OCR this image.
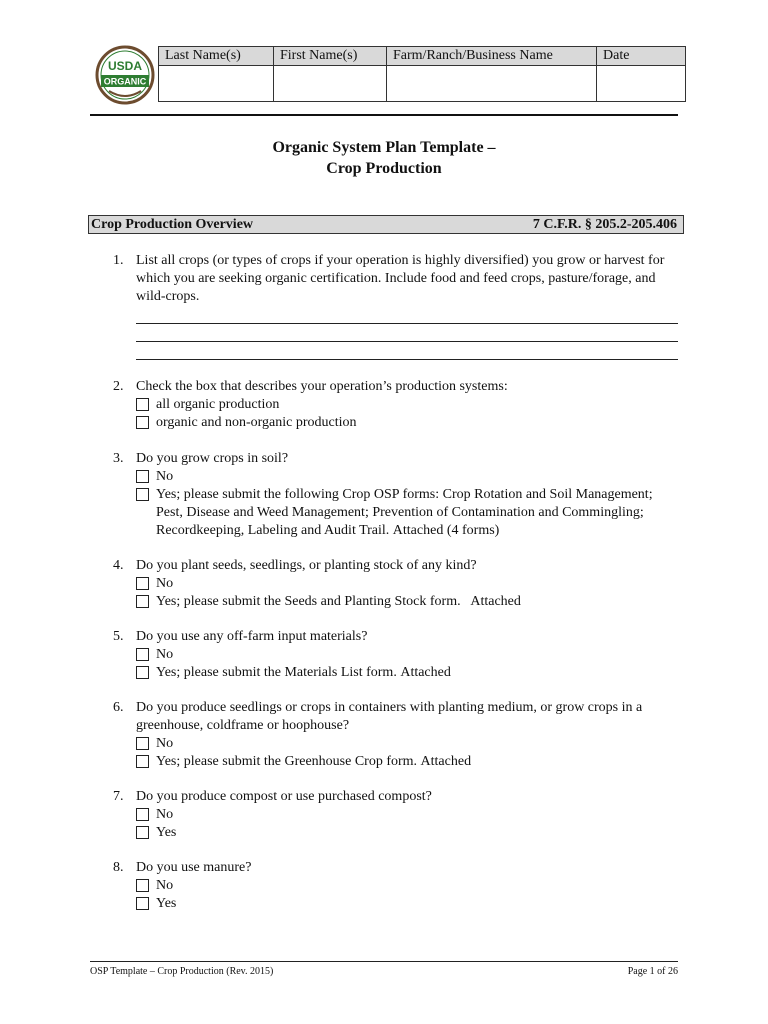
USDA
ORGANIC
Last Name(s)	First Name(s)	Farm/Ranch/Business Name	Date

Organic System Plan Template –
Crop Production
Crop Production Overview	7 C.F.R. § 205.2-205.406
1. List all crops (or types of crops if your operation is highly diversified) you grow or harvest for which you are seeking organic certification. Include food and feed crops, pasture/forage, and wild-crops.
2. Check the box that describes your operation’s production systems:
all organic production
organic and non-organic production
3. Do you grow crops in soil?
No
Yes; please submit the following Crop OSP forms: Crop Rotation and Soil Management; Pest, Disease and Weed Management; Prevention of Contamination and Commingling; Recordkeeping, Labeling and Audit Trail. Attached (4 forms)
4. Do you plant seeds, seedlings, or planting stock of any kind?
No
Yes; please submit the Seeds and Planting Stock form. Attached
5. Do you use any off-farm input materials?
No
Yes; please submit the Materials List form. Attached
6. Do you produce seedlings or crops in containers with planting medium, or grow crops in a greenhouse, coldframe or hoophouse?
No
Yes; please submit the Greenhouse Crop form. Attached
7. Do you produce compost or use purchased compost?
No
Yes
8. Do you use manure?
No
Yes
OSP Template – Crop Production (Rev. 2015)	Page 1 of 26
